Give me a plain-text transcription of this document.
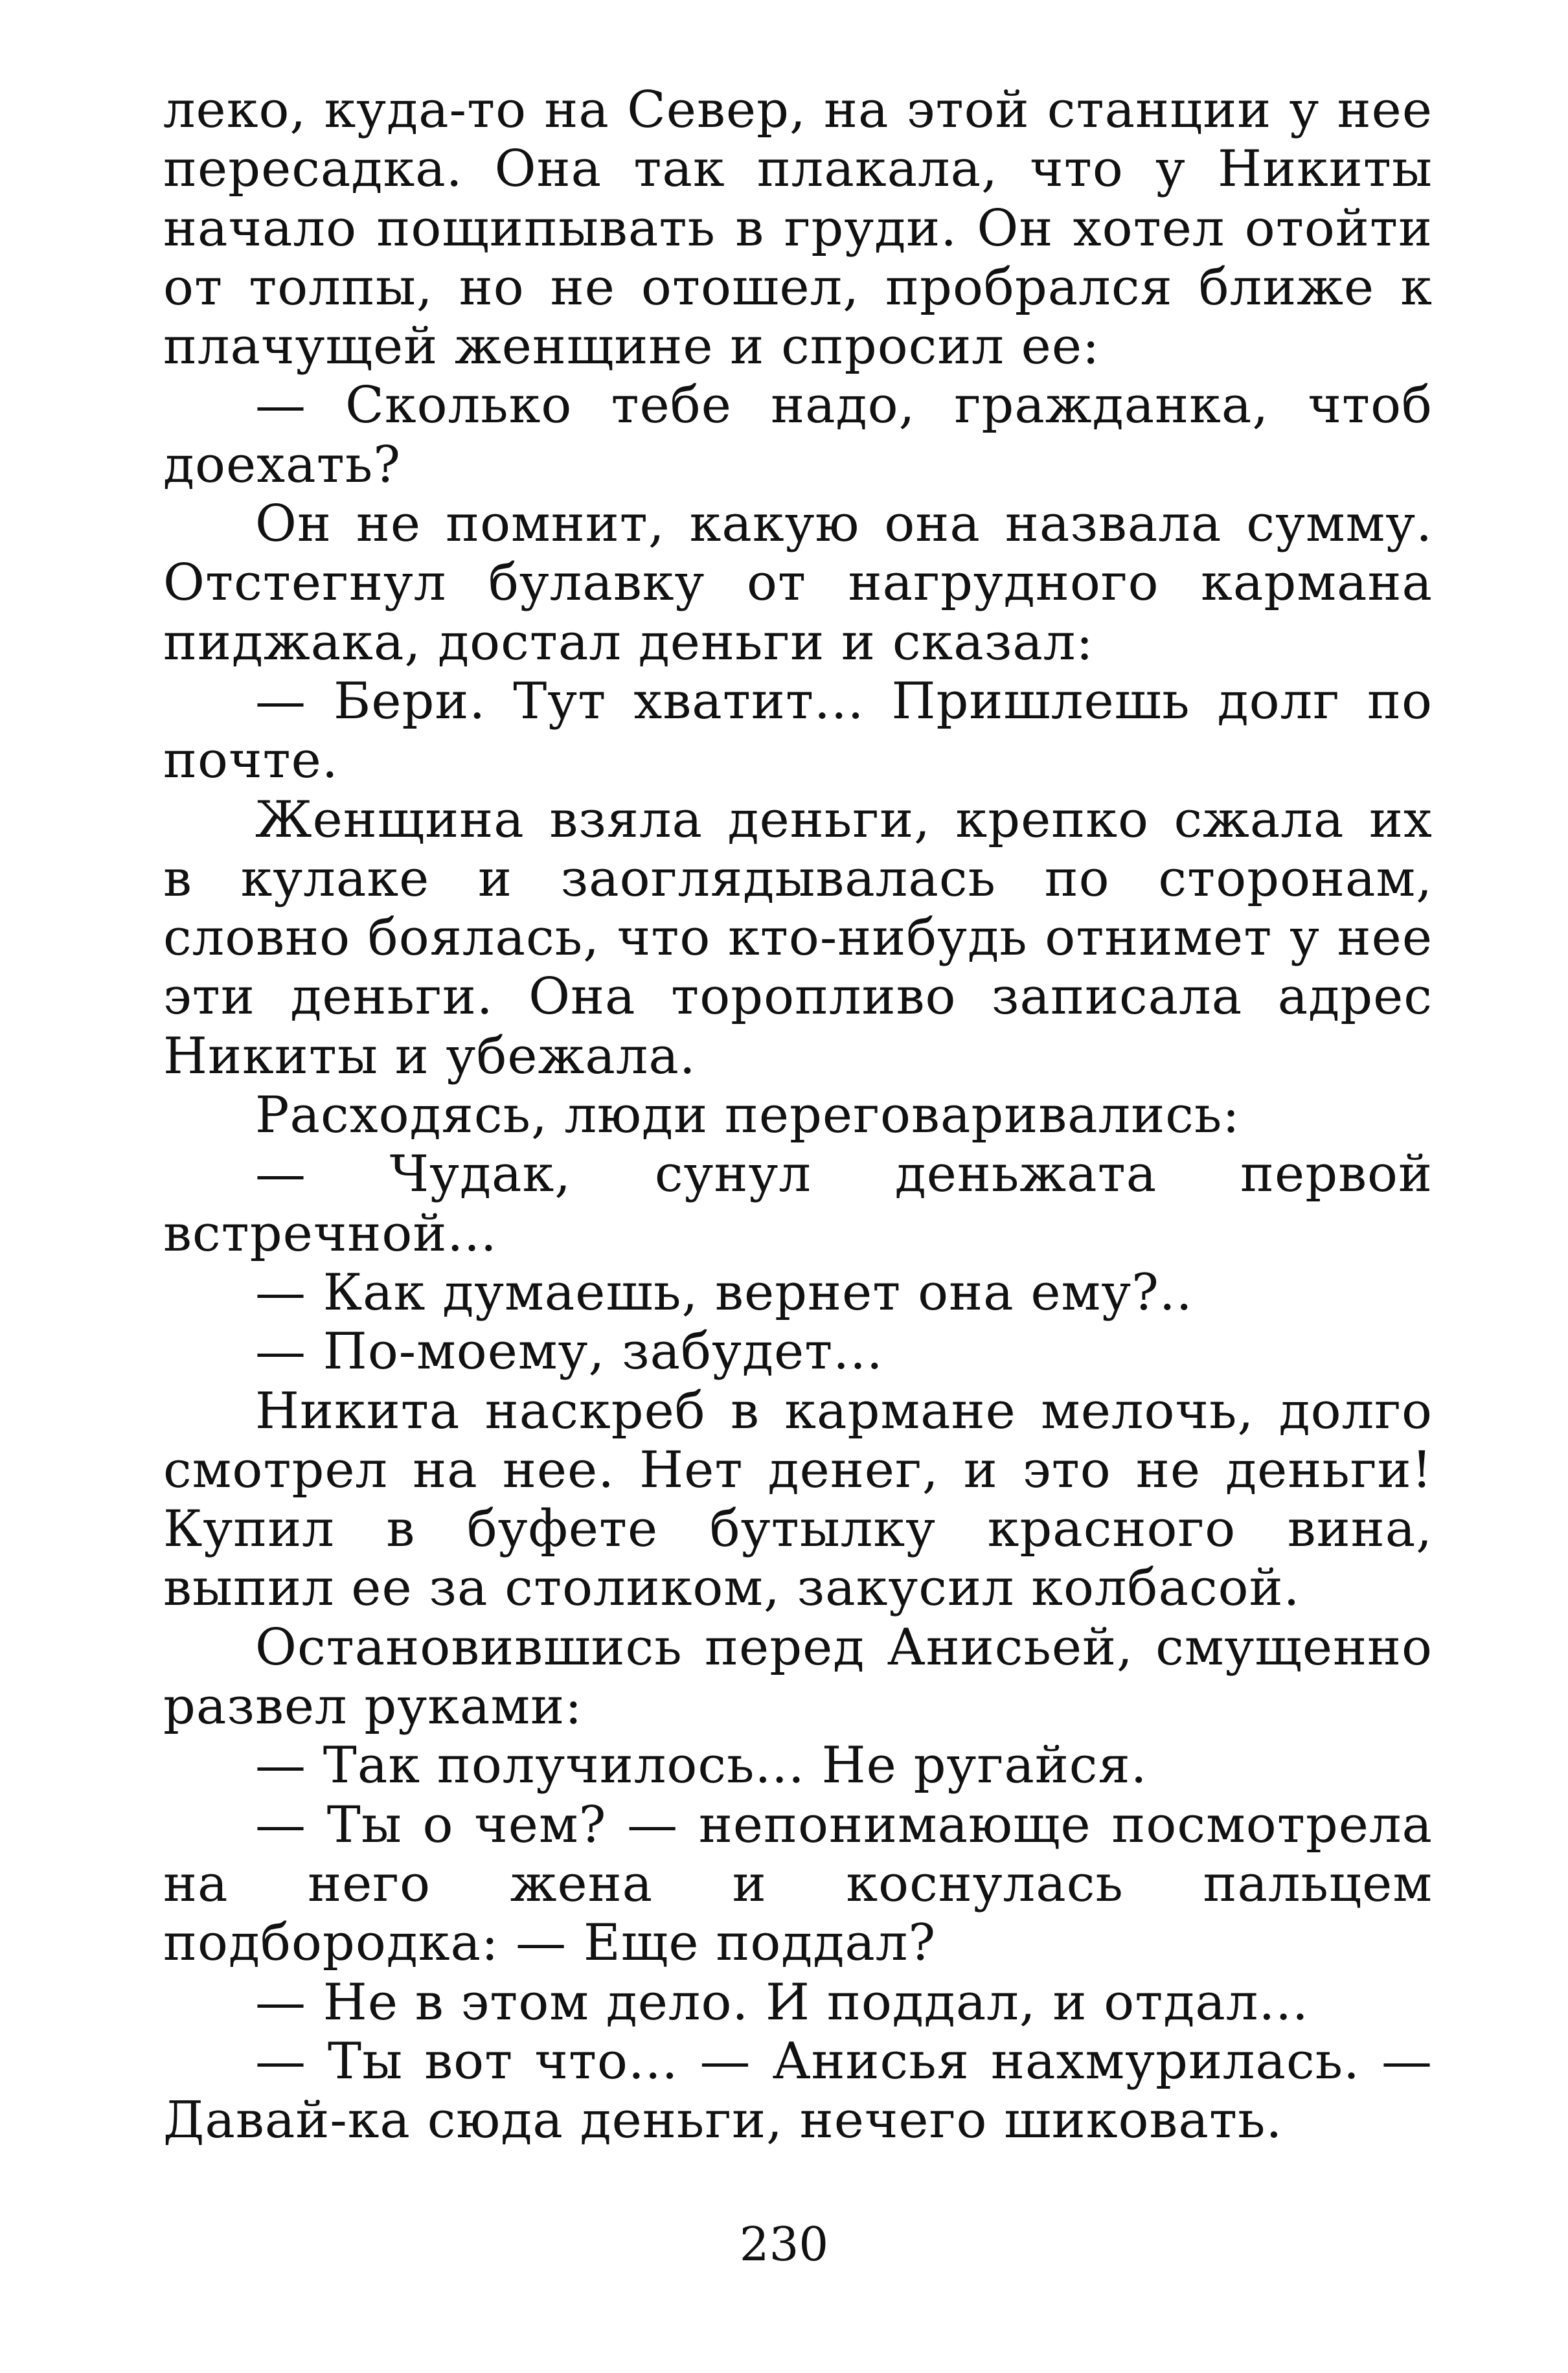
леко, куда-то на Север, на этой станции у нее пересадка. Она так плакала, что у Никиты начало пощипывать в груди. Он хотел отойти от толпы, но не отошел, пробрался ближе к плачущей женщине и спросил ее:

— Сколько тебе надо, гражданка, чтоб доехать?

Он не помнит, какую она назвала сумму. Отстегнул булавку от нагрудного кармана пиджака, достал деньги и сказал:

— Бери. Тут хватит... Пришлешь долг по почте.

Женщина взяла деньги, крепко сжала их в кулаке и заоглядывалась по сторонам, словно боялась, что кто-нибудь отнимет у нее эти деньги. Она торопливо записала адрес Никиты и убежала.

Расходясь, люди переговаривались:

— Чудак, сунул деньжата первой встречной...

— Как думаешь, вернет она ему?..

— По-моему, забудет...

Никита наскреб в кармане мелочь, долго смотрел на нее. Нет денег, и это не деньги! Купил в буфете бутылку красного вина, выпил ее за столиком, закусил колбасой.

Остановившись перед Анисьей, смущенно развел руками:

— Так получилось... Не ругайся.

— Ты о чем? — непонимающе посмотрела на него жена и коснулась пальцем подбородка: — Еще поддал?

— Не в этом дело. И поддал, и отдал...

— Ты вот что... — Анисья нахмурилась. — Давай-ка сюда деньги, нечего шиковать.

230
